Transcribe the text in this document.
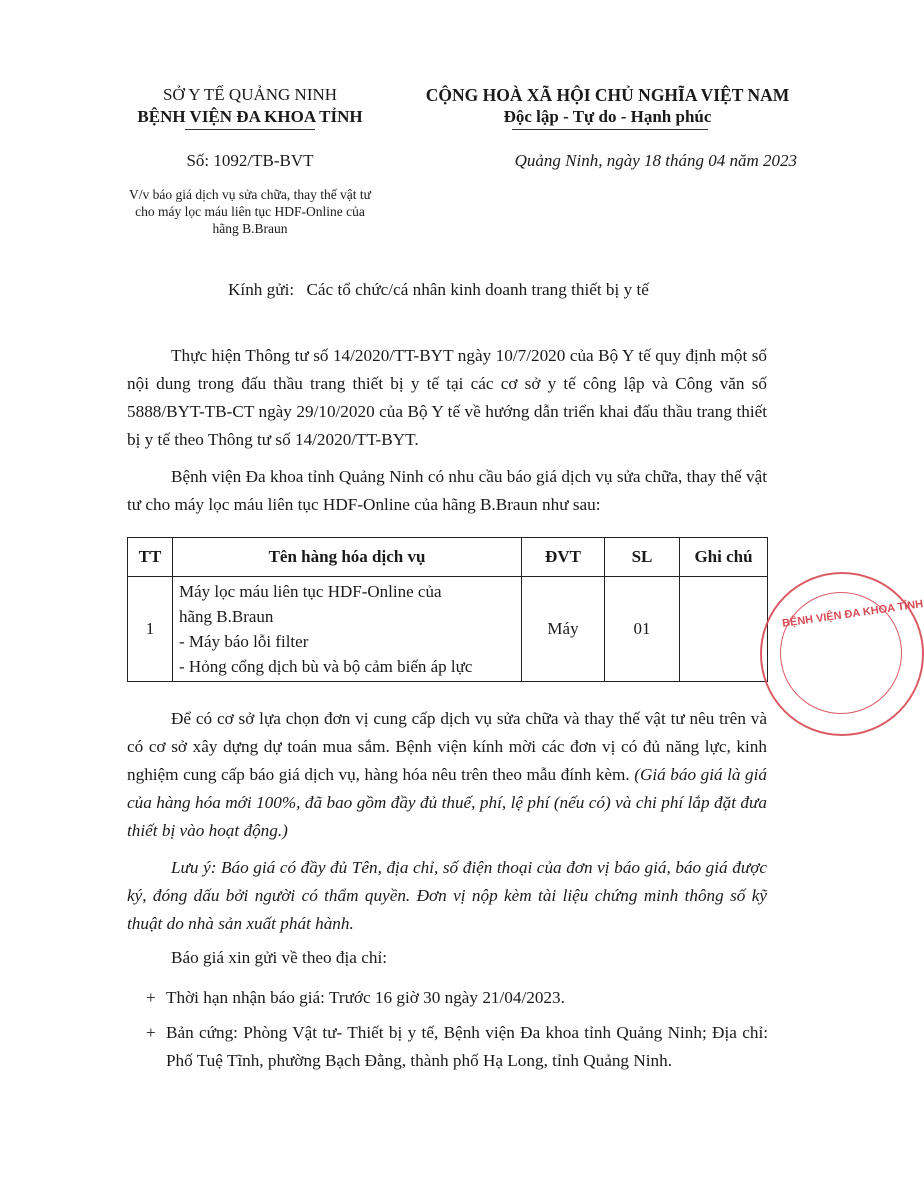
SỞ Y TẾ QUẢNG NINH
BỆNH VIỆN ĐA KHOA TỈNH
Số: 1092/TB-BVT
V/v báo giá dịch vụ sửa chữa, thay thế vật tư
cho máy lọc máu liên tục HDF-Online của
hãng B.Braun
CỘNG HOÀ XÃ HỘI CHỦ NGHĨA VIỆT NAM
Độc lập - Tự do - Hạnh phúc
Quảng Ninh, ngày 18 tháng 04 năm 2023
Kính gửi: Các tổ chức/cá nhân kinh doanh trang thiết bị y tế
Thực hiện Thông tư số 14/2020/TT-BYT ngày 10/7/2020 của Bộ Y tế quy định một số nội dung trong đấu thầu trang thiết bị y tế tại các cơ sở y tế công lập và Công văn số 5888/BYT-TB-CT ngày 29/10/2020 của Bộ Y tế về hướng dẫn triển khai đấu thầu trang thiết bị y tế theo Thông tư số 14/2020/TT-BYT.
Bệnh viện Đa khoa tỉnh Quảng Ninh có nhu cầu báo giá dịch vụ sửa chữa, thay thế vật tư cho máy lọc máu liên tục HDF-Online của hãng B.Braun như sau:
TT	Tên hàng hóa dịch vụ	ĐVT	SL	Ghi chú
1	Máy lọc máu liên tục HDF-Online của
hãng B.Braun
- Máy báo lỗi filter
- Hỏng cổng dịch bù và bộ cảm biến áp lực	Máy	01	
Để có cơ sở lựa chọn đơn vị cung cấp dịch vụ sửa chữa và thay thế vật tư nêu trên và có cơ sở xây dựng dự toán mua sắm. Bệnh viện kính mời các đơn vị có đủ năng lực, kinh nghiệm cung cấp báo giá dịch vụ, hàng hóa nêu trên theo mẫu đính kèm. (Giá báo giá là giá của hàng hóa mới 100%, đã bao gồm đầy đủ thuế, phí, lệ phí (nếu có) và chi phí lắp đặt đưa thiết bị vào hoạt động.)
Lưu ý: Báo giá có đầy đủ Tên, địa chỉ, số điện thoại của đơn vị báo giá, báo giá được ký, đóng dấu bởi người có thẩm quyền. Đơn vị nộp kèm tài liệu chứng minh thông số kỹ thuật do nhà sản xuất phát hành.
Báo giá xin gửi về theo địa chỉ:
+ Thời hạn nhận báo giá: Trước 16 giờ 30 ngày 21/04/2023.
+ Bản cứng: Phòng Vật tư- Thiết bị y tế, Bệnh viện Đa khoa tỉnh Quảng Ninh; Địa chỉ: Phố Tuệ Tĩnh, phường Bạch Đằng, thành phố Hạ Long, tỉnh Quảng Ninh.
BỆNH VIỆN ĐA KHOA TỈNH
